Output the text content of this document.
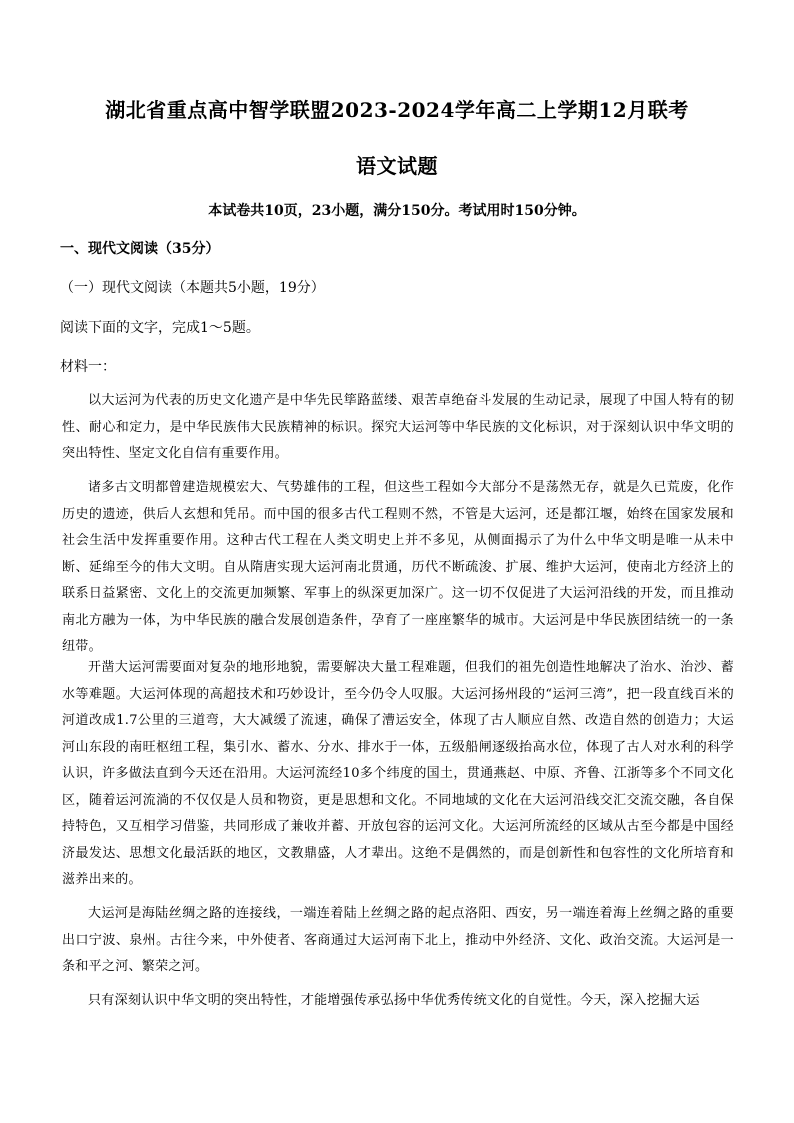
湖北省重点高中智学联盟2023-2024学年高二上学期12月联考
语文试题
本试卷共10页，23小题，满分150分。考试用时150分钟。
一、现代文阅读（35分）
（一）现代文阅读（本题共5小题，19分）
阅读下面的文字，完成1～5题。
材料一：

以大运河为代表的历史文化遗产是中华先民筚路蓝缕、艰苦卓绝奋斗发展的生动记录，展现了中国人特有的韧性、耐心和定力，是中华民族伟大民族精神的标识。探究大运河等中华民族的文化标识，对于深刻认识中华文明的突出特性、坚定文化自信有重要作用。

诸多古文明都曾建造规模宏大、气势雄伟的工程，但这些工程如今大部分不是荡然无存，就是久已荒废，化作历史的遗迹，供后人玄想和凭吊。而中国的很多古代工程则不然，不管是大运河，还是都江堰，始终在国家发展和社会生活中发挥重要作用。这种古代工程在人类文明史上并不多见，从侧面揭示了为什么中华文明是唯一从未中断、延绵至今的伟大文明。自从隋唐实现大运河南北贯通，历代不断疏浚、扩展、维护大运河，使南北方经济上的联系日益紧密、文化上的交流更加频繁、军事上的纵深更加深广。这一切不仅促进了大运河沿线的开发，而且推动南北方融为一体，为中华民族的融合发展创造条件，孕育了一座座繁华的城市。大运河是中华民族团结统一的一条纽带。

开凿大运河需要面对复杂的地形地貌，需要解决大量工程难题，但我们的祖先创造性地解决了治水、治沙、蓄水等难题。大运河体现的高超技术和巧妙设计，至今仍令人叹服。大运河扬州段的“运河三湾”，把一段直线百米的河道改成1.7公里的三道弯，大大减缓了流速，确保了漕运安全，体现了古人顺应自然、改造自然的创造力；大运河山东段的南旺枢纽工程，集引水、蓄水、分水、排水于一体，五级船闸逐级抬高水位，体现了古人对水利的科学认识，许多做法直到今天还在沿用。大运河流经10多个纬度的国土，贯通燕赵、中原、齐鲁、江浙等多个不同文化区，随着运河流淌的不仅仅是人员和物资，更是思想和文化。不同地域的文化在大运河沿线交汇交流交融，各自保持特色，又互相学习借鉴，共同形成了兼收并蓄、开放包容的运河文化。大运河所流经的区域从古至今都是中国经济最发达、思想文化最活跃的地区，文教鼎盛，人才辈出。这绝不是偶然的，而是创新性和包容性的文化所培育和滋养出来的。

大运河是海陆丝绸之路的连接线，一端连着陆上丝绸之路的起点洛阳、西安，另一端连着海上丝绸之路的重要出口宁波、泉州。古往今来，中外使者、客商通过大运河南下北上，推动中外经济、文化、政治交流。大运河是一条和平之河、繁荣之河。

只有深刻认识中华文明的突出特性，才能增强传承弘扬中华优秀传统文化的自觉性。今天，深入挖掘大运
